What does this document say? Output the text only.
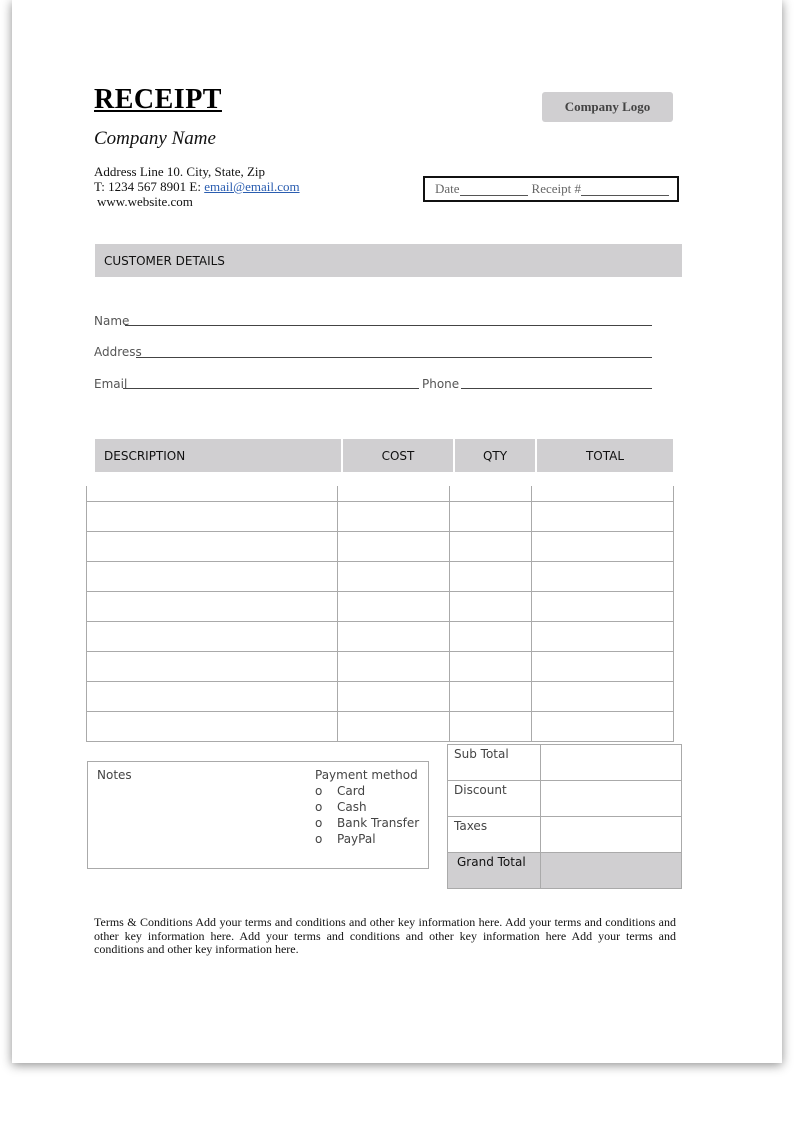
RECEIPT
Company Name
Address Line 10. City, State, Zip
T: 1234 567 8901 E: email@email.com
www.website.com
Company Logo
Date	Receipt #
CUSTOMER DETAILS
Name
Address
Email	Phone
DESCRIPTION	COST	QTY	TOTAL

Sub Total	
Discount	
Taxes	
Grand Total	
Notes	Payment method
o Card
o Cash
o Bank Transfer
o PayPal
Terms & Conditions Add your terms and conditions and other key information here. Add your terms and conditions and other key information here. Add your terms and conditions and other key information here Add your terms and conditions and other key information here.
